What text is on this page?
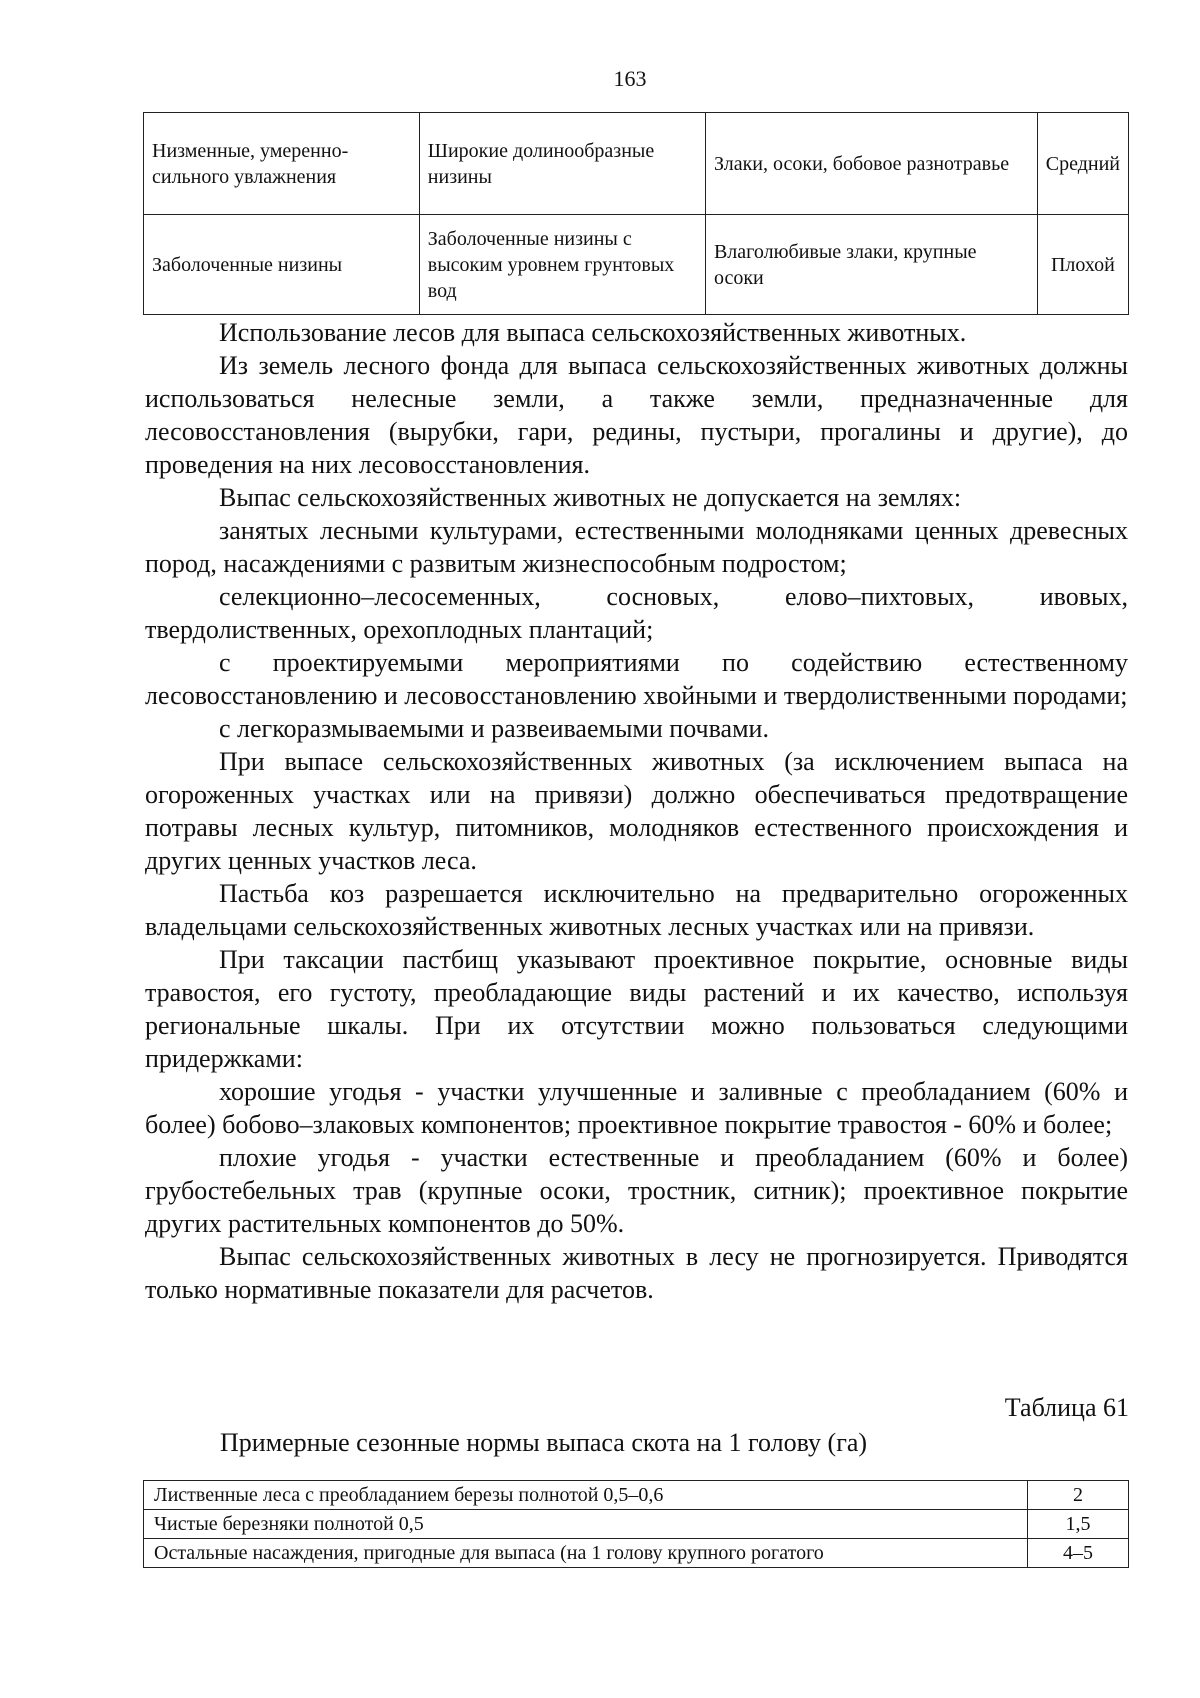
163
Низменные, умеренно-сильного увлажнения	Широкие долинообразные низины	Злаки, осоки, бобовое разнотравье	Средний
Заболоченные низины	Заболоченные низины с высоким уровнем грунтовых вод	Влаголюбивые злаки, крупные осоки	Плохой

Использование лесов для выпаса сельскохозяйственных животных.

Из земель лесного фонда для выпаса сельскохозяйственных животных должны использоваться нелесные земли, а также земли, предназначенные для лесовосстановления (вырубки, гари, редины, пустыри, прогалины и другие), до проведения на них лесовосстановления.

Выпас сельскохозяйственных животных не допускается на землях:

занятых лесными культурами, естественными молодняками ценных древесных пород, насаждениями с развитым жизнеспособным подростом;

селекционно–лесосеменных, сосновых, елово–пихтовых, ивовых, твердолиственных, орехоплодных плантаций;

с проектируемыми мероприятиями по содействию естественному лесовосстановлению и лесовосстановлению хвойными и твердолиственными породами;

с легкоразмываемыми и развеиваемыми почвами.

При выпасе сельскохозяйственных животных (за исключением выпаса на огороженных участках или на привязи) должно обеспечиваться предотвращение потравы лесных культур, питомников, молодняков естественного происхождения и других ценных участков леса.

Пастьба коз разрешается исключительно на предварительно огороженных владельцами сельскохозяйственных животных лесных участках или на привязи.

При таксации пастбищ указывают проективное покрытие, основные виды травостоя, его густоту, преобладающие виды растений и их качество, используя региональные шкалы. При их отсутствии можно пользоваться следующими придержками:

хорошие угодья - участки улучшенные и заливные с преобладанием (60% и более) бобово–злаковых компонентов; проективное покрытие травостоя - 60% и более;

плохие угодья - участки естественные и преобладанием (60% и более) грубостебельных трав (крупные осоки, тростник, ситник); проективное покрытие других растительных компонентов до 50%.

Выпас сельскохозяйственных животных в лесу не прогнозируется. Приводятся только нормативные показатели для расчетов.

Таблица 61
Примерные сезонные нормы выпаса скота на 1 голову (га)
Лиственные леса с преобладанием березы полнотой 0,5–0,6	2
Чистые березняки полнотой 0,5	1,5
Остальные насаждения, пригодные для выпаса (на 1 голову крупного рогатого	4–5
